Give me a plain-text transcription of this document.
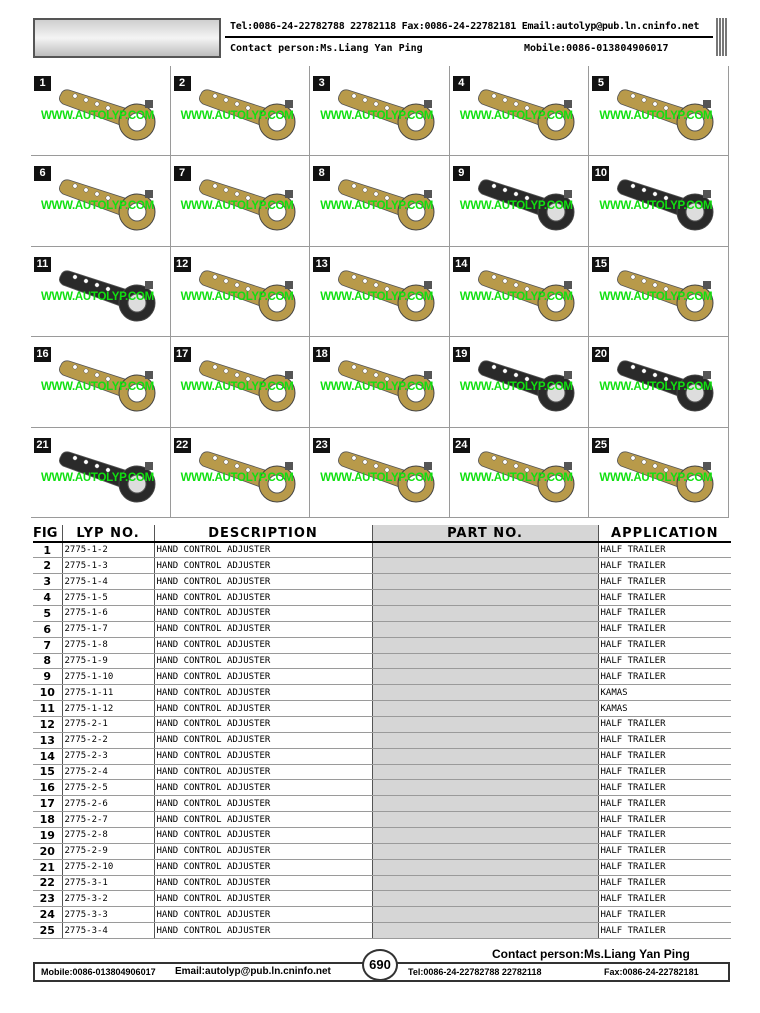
Tel:0086-24-22782788 22782118 Fax:0086-24-22782181 Email:autolyp@pub.ln.cninfo.net
Contact person:Ms.Liang Yan Ping	Mobile:0086-013804906017
1
WWW.AUTOLYP.COM
2
WWW.AUTOLYP.COM
3
WWW.AUTOLYP.COM
4
WWW.AUTOLYP.COM
5
WWW.AUTOLYP.COM
6
WWW.AUTOLYP.COM
7
WWW.AUTOLYP.COM
8
WWW.AUTOLYP.COM
9
WWW.AUTOLYP.COM
10
WWW.AUTOLYP.COM
11
WWW.AUTOLYP.COM
12
WWW.AUTOLYP.COM
13
WWW.AUTOLYP.COM
14
WWW.AUTOLYP.COM
15
WWW.AUTOLYP.COM
16
WWW.AUTOLYP.COM
17
WWW.AUTOLYP.COM
18
WWW.AUTOLYP.COM
19
WWW.AUTOLYP.COM
20
WWW.AUTOLYP.COM
21
WWW.AUTOLYP.COM
22
WWW.AUTOLYP.COM
23
WWW.AUTOLYP.COM
24
WWW.AUTOLYP.COM
25
WWW.AUTOLYP.COM
FIG	LYP NO.	DESCRIPTION	PART NO.	APPLICATION
1	2775-1-2	HAND CONTROL ADJUSTER		HALF TRAILER
2	2775-1-3	HAND CONTROL ADJUSTER		HALF TRAILER
3	2775-1-4	HAND CONTROL ADJUSTER		HALF TRAILER
4	2775-1-5	HAND CONTROL ADJUSTER		HALF TRAILER
5	2775-1-6	HAND CONTROL ADJUSTER		HALF TRAILER
6	2775-1-7	HAND CONTROL ADJUSTER		HALF TRAILER
7	2775-1-8	HAND CONTROL ADJUSTER		HALF TRAILER
8	2775-1-9	HAND CONTROL ADJUSTER		HALF TRAILER
9	2775-1-10	HAND CONTROL ADJUSTER		HALF TRAILER
10	2775-1-11	HAND CONTROL ADJUSTER		KAMAS
11	2775-1-12	HAND CONTROL ADJUSTER		KAMAS
12	2775-2-1	HAND CONTROL ADJUSTER		HALF TRAILER
13	2775-2-2	HAND CONTROL ADJUSTER		HALF TRAILER
14	2775-2-3	HAND CONTROL ADJUSTER		HALF TRAILER
15	2775-2-4	HAND CONTROL ADJUSTER		HALF TRAILER
16	2775-2-5	HAND CONTROL ADJUSTER		HALF TRAILER
17	2775-2-6	HAND CONTROL ADJUSTER		HALF TRAILER
18	2775-2-7	HAND CONTROL ADJUSTER		HALF TRAILER
19	2775-2-8	HAND CONTROL ADJUSTER		HALF TRAILER
20	2775-2-9	HAND CONTROL ADJUSTER		HALF TRAILER
21	2775-2-10	HAND CONTROL ADJUSTER		HALF TRAILER
22	2775-3-1	HAND CONTROL ADJUSTER		HALF TRAILER
23	2775-3-2	HAND CONTROL ADJUSTER		HALF TRAILER
24	2775-3-3	HAND CONTROL ADJUSTER		HALF TRAILER
25	2775-3-4	HAND CONTROL ADJUSTER		HALF TRAILER
Contact person:Ms.Liang Yan Ping
Mobile:0086-013804906017 Email:autolyp@pub.ln.cninfo.net	Tel:0086-24-22782788 22782118	Fax:0086-24-22782181
690
